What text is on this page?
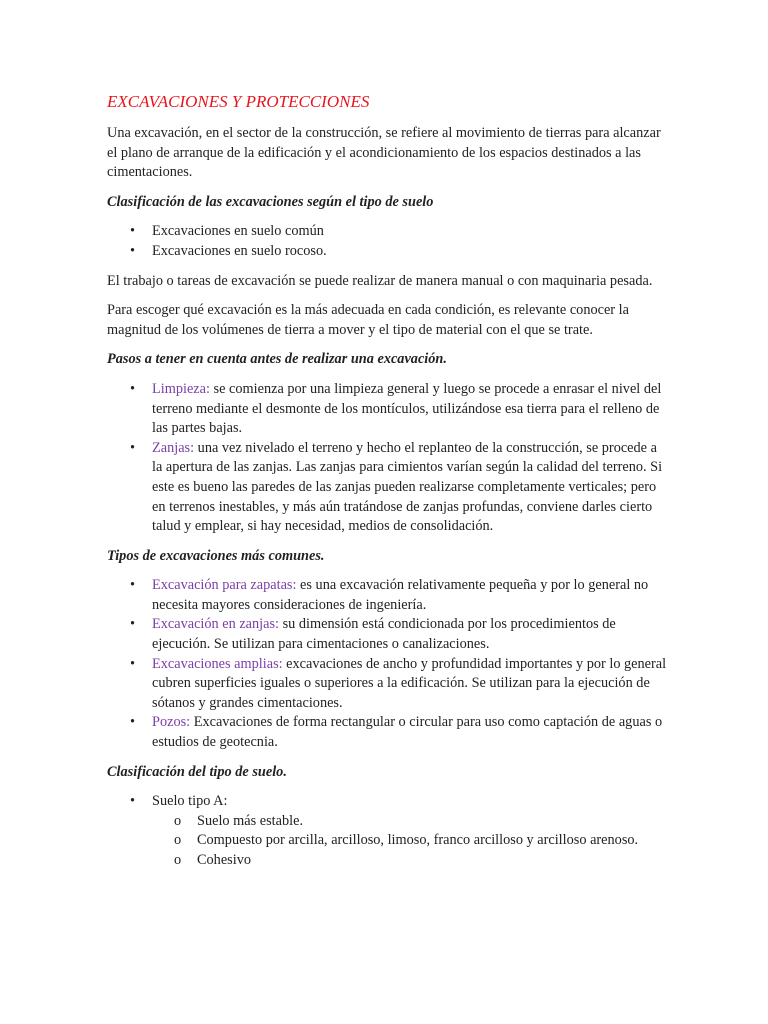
EXCAVACIONES Y PROTECCIONES

Una excavación, en el sector de la construcción, se refiere al movimiento de tierras para alcanzar el plano de arranque de la edificación y el acondicionamiento de los espacios destinados a las cimentaciones.

Clasificación de las excavaciones según el tipo de suelo

• Excavaciones en suelo común
• Excavaciones en suelo rocoso.

El trabajo o tareas de excavación se puede realizar de manera manual o con maquinaria pesada.

Para escoger qué excavación es la más adecuada en cada condición, es relevante conocer la magnitud de los volúmenes de tierra a mover y el tipo de material con el que se trate.

Pasos a tener en cuenta antes de realizar una excavación.

• Limpieza: se comienza por una limpieza general y luego se procede a enrasar el nivel del terreno mediante el desmonte de los montículos, utilizándose esa tierra para el relleno de las partes bajas.
• Zanjas: una vez nivelado el terreno y hecho el replanteo de la construcción, se procede a la apertura de las zanjas. Las zanjas para cimientos varían según la calidad del terreno. Si este es bueno las paredes de las zanjas pueden realizarse completamente verticales; pero en terrenos inestables, y más aún tratándose de zanjas profundas, conviene darles cierto talud y emplear, si hay necesidad, medios de consolidación.

Tipos de excavaciones más comunes.

• Excavación para zapatas: es una excavación relativamente pequeña y por lo general no necesita mayores consideraciones de ingeniería.
• Excavación en zanjas: su dimensión está condicionada por los procedimientos de ejecución. Se utilizan para cimentaciones o canalizaciones.
• Excavaciones amplias: excavaciones de ancho y profundidad importantes y por lo general cubren superficies iguales o superiores a la edificación. Se utilizan para la ejecución de sótanos y grandes cimentaciones.
• Pozos: Excavaciones de forma rectangular o circular para uso como captación de aguas o estudios de geotecnia.

Clasificación del tipo de suelo.

• Suelo tipo A:
o Suelo más estable.
o Compuesto por arcilla, arcilloso, limoso, franco arcilloso y arcilloso arenoso.
o Cohesivo
